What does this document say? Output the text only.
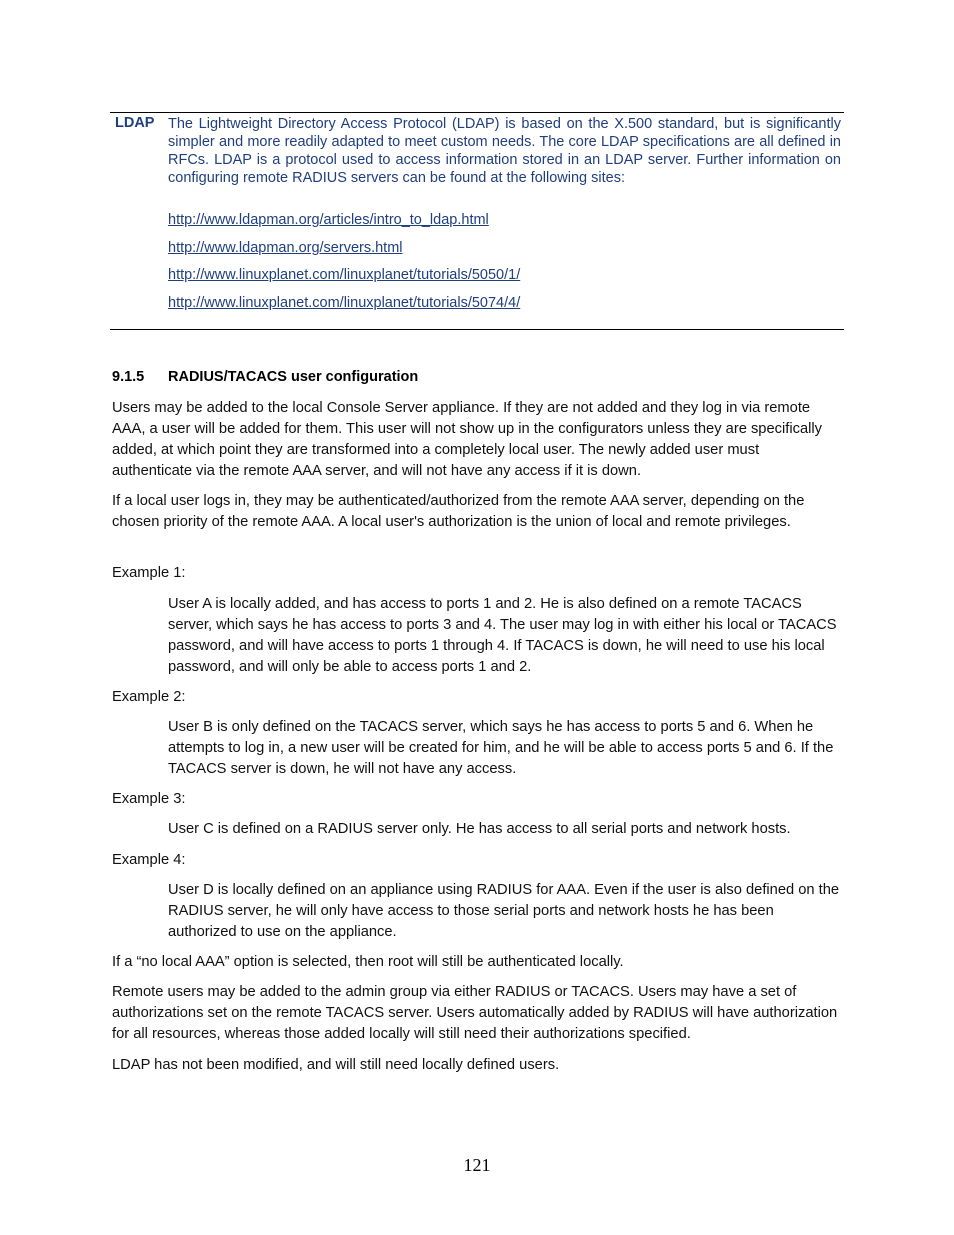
LDAP The Lightweight Directory Access Protocol (LDAP) is based on the X.500 standard, but is significantly simpler and more readily adapted to meet custom needs. The core LDAP specifications are all defined in RFCs. LDAP is a protocol used to access information stored in an LDAP server. Further information on configuring remote RADIUS servers can be found at the following sites:

http://www.ldapman.org/articles/intro_to_ldap.html
http://www.ldapman.org/servers.html
http://www.linuxplanet.com/linuxplanet/tutorials/5050/1/
http://www.linuxplanet.com/linuxplanet/tutorials/5074/4/
9.1.5 RADIUS/TACACS user configuration

Users may be added to the local Console Server appliance. If they are not added and they log in via remote AAA, a user will be added for them. This user will not show up in the configurators unless they are specifically added, at which point they are transformed into a completely local user. The newly added user must authenticate via the remote AAA server, and will not have any access if it is down.

If a local user logs in, they may be authenticated/authorized from the remote AAA server, depending on the chosen priority of the remote AAA. A local user's authorization is the union of local and remote privileges.

Example 1:

User A is locally added, and has access to ports 1 and 2. He is also defined on a remote TACACS server, which says he has access to ports 3 and 4. The user may log in with either his local or TACACS password, and will have access to ports 1 through 4. If TACACS is down, he will need to use his local password, and will only be able to access ports 1 and 2.

Example 2:

User B is only defined on the TACACS server, which says he has access to ports 5 and 6. When he attempts to log in, a new user will be created for him, and he will be able to access ports 5 and 6. If the TACACS server is down, he will not have any access.

Example 3:

User C is defined on a RADIUS server only. He has access to all serial ports and network hosts.

Example 4:

User D is locally defined on an appliance using RADIUS for AAA. Even if the user is also defined on the RADIUS server, he will only have access to those serial ports and network hosts he has been authorized to use on the appliance.

If a “no local AAA” option is selected, then root will still be authenticated locally.

Remote users may be added to the admin group via either RADIUS or TACACS. Users may have a set of authorizations set on the remote TACACS server. Users automatically added by RADIUS will have authorization for all resources, whereas those added locally will still need their authorizations specified.

LDAP has not been modified, and will still need locally defined users.

121
